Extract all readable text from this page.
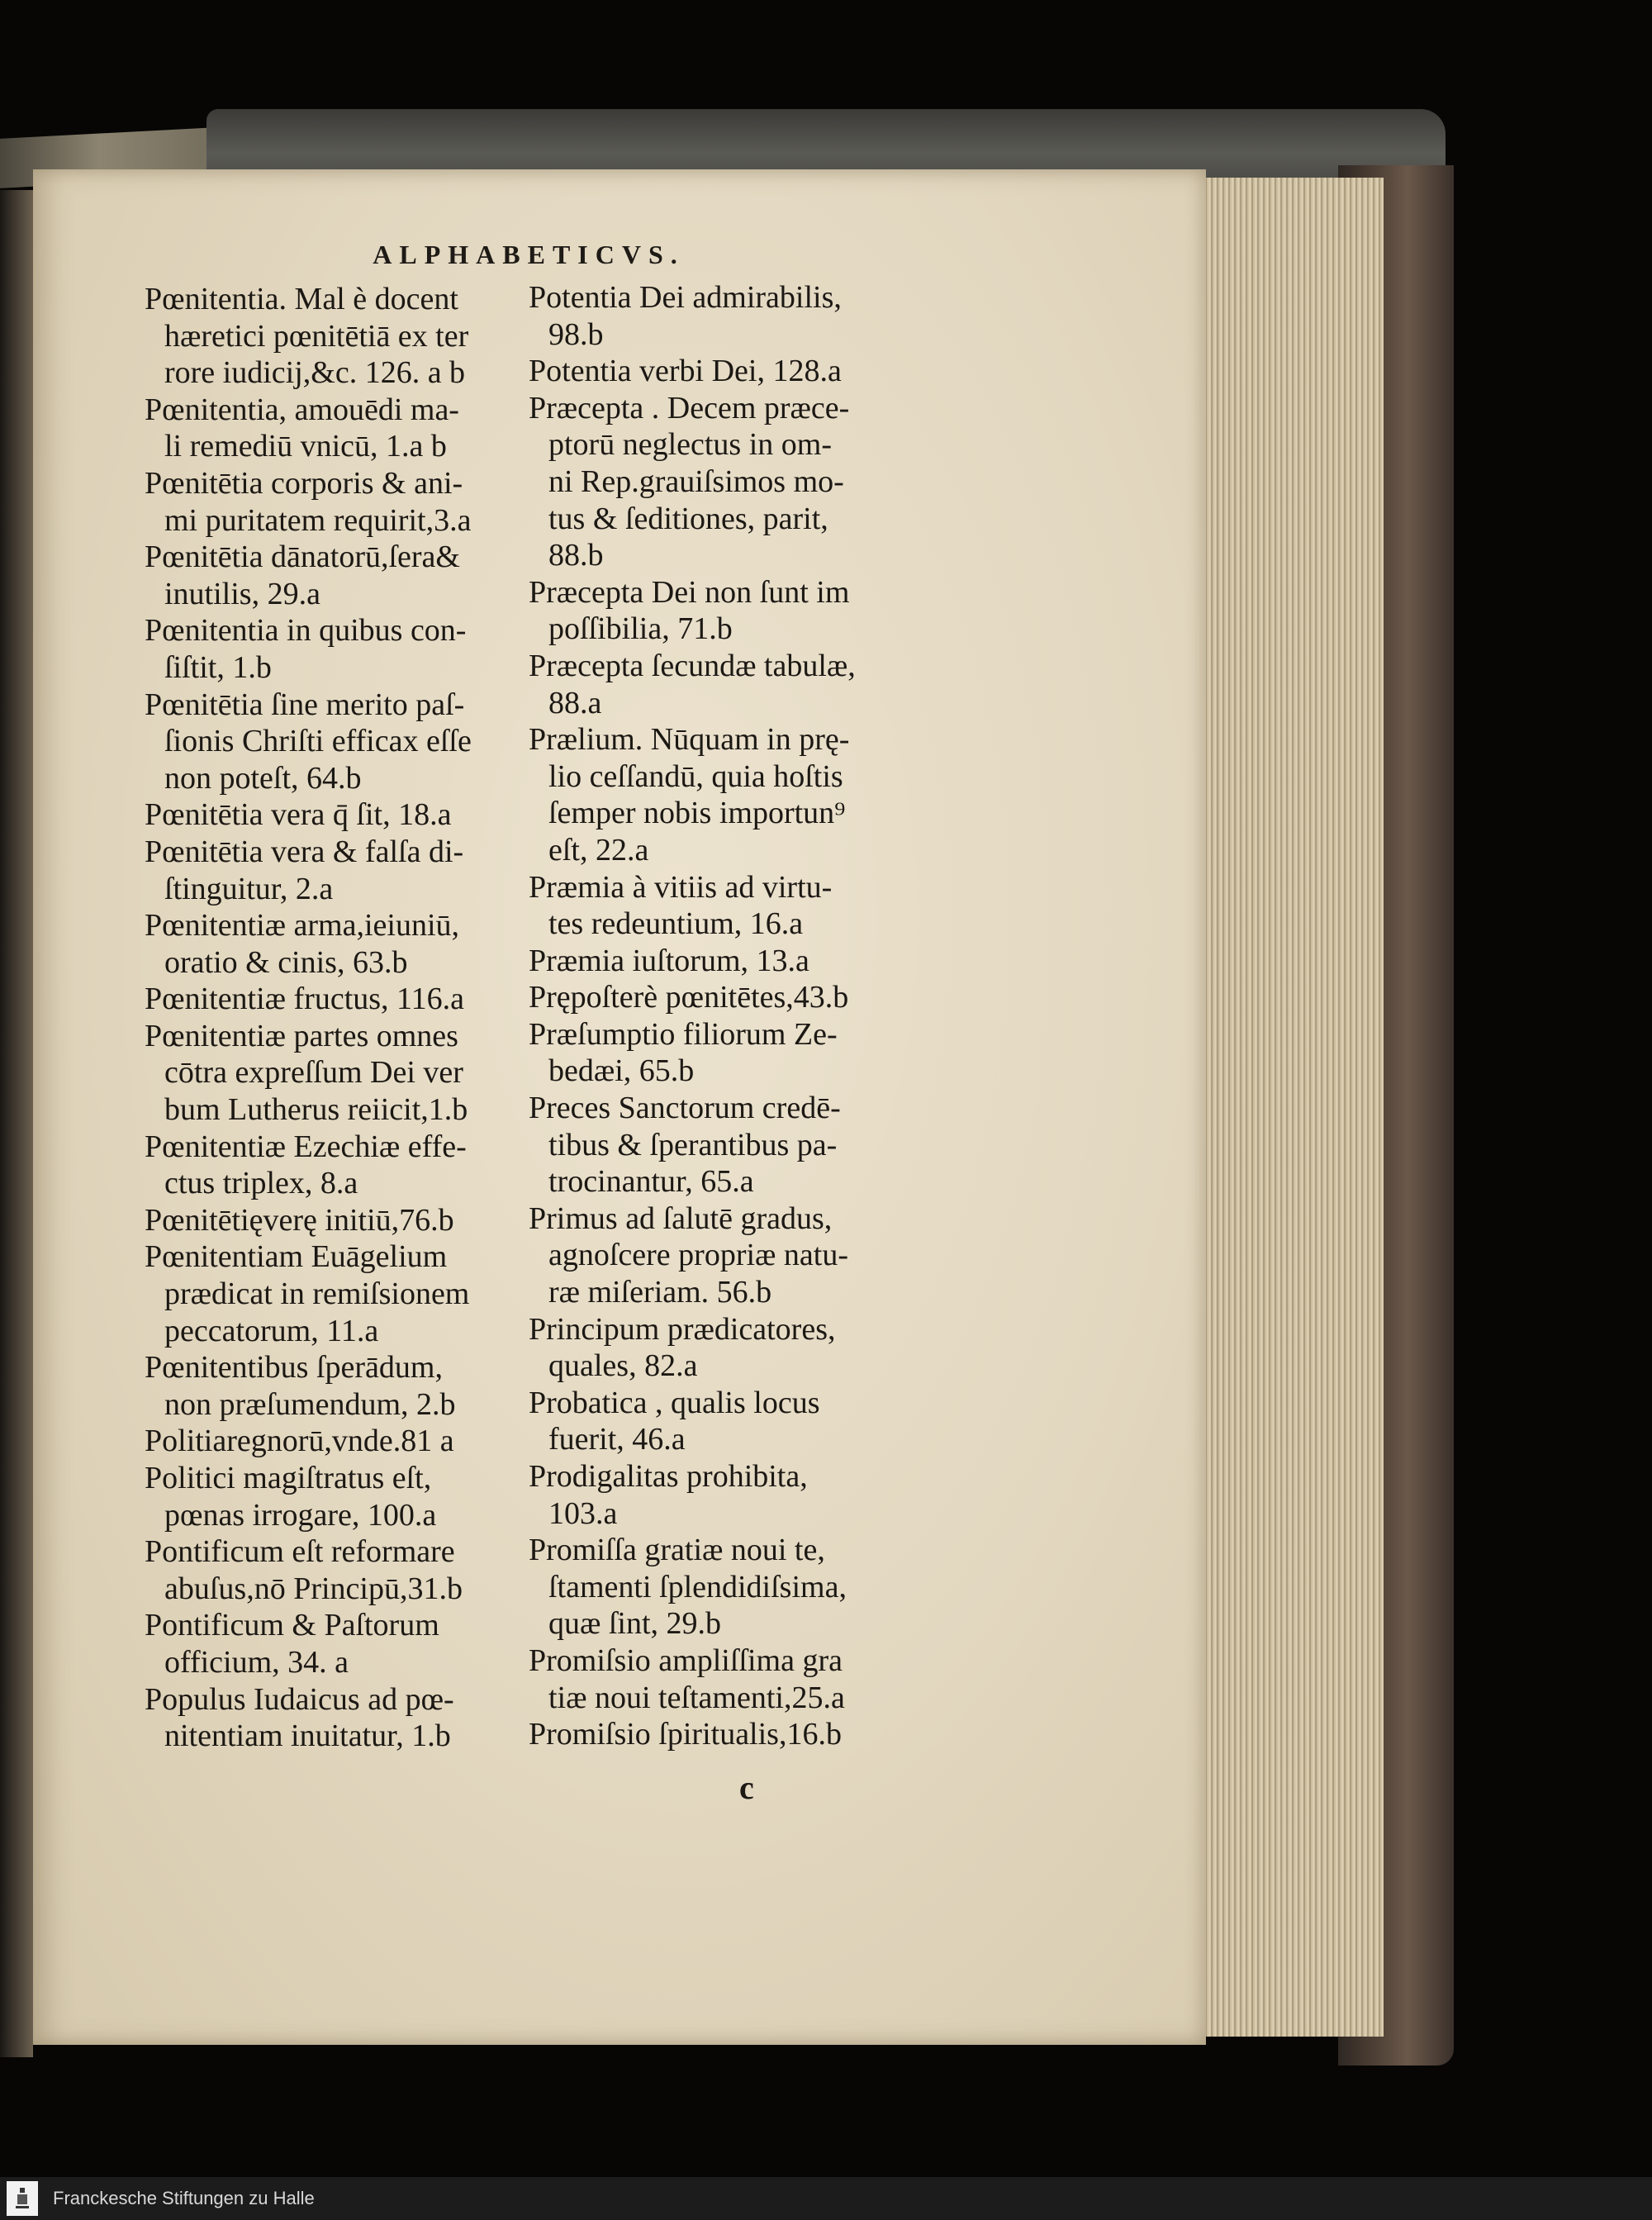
ALPHABETICVS.
Pœnitentia. Mal è docent
hæretici pœnitētiā ex ter
rore iudicij,&c. 126. a b
Pœnitentia, amouēdi ma-
li remediū vnicū, 1.a b
Pœnitētia corporis & ani-
mi puritatem requirit,3.a
Pœnitētia dānatorū,ſera&
inutilis, 29.a
Pœnitentia in quibus con-
ſiſtit, 1.b
Pœnitētia ſine merito paſ-
ſionis Chriſti efficax eſſe
non poteſt, 64.b
Pœnitētia vera q̄ ſit, 18.a
Pœnitētia vera & falſa di-
ſtinguitur, 2.a
Pœnitentiæ arma,ieiuniū,
oratio & cinis, 63.b
Pœnitentiæ fructus, 116.a
Pœnitentiæ partes omnes
cōtra expreſſum Dei ver
bum Lutherus reiicit,1.b
Pœnitentiæ Ezechiæ effe-
ctus triplex, 8.a
Pœnitētięverę initiū,76.b
Pœnitentiam Euāgelium
prædicat in remiſsionem
peccatorum, 11.a
Pœnitentibus ſperādum,
non præſumendum, 2.b
Politiaregnorū,vnde.81 a
Politici magiſtratus eſt,
pœnas irrogare, 100.a
Pontificum eſt reformare
abuſus,nō Principū,31.b
Pontificum & Paſtorum
officium, 34. a
Populus Iudaicus ad pœ-
nitentiam inuitatur, 1.b
Potentia Dei admirabilis,
98.b
Potentia verbi Dei, 128.a
Præcepta . Decem præce-
ptorū neglectus in om-
ni Rep.grauiſsimos mo-
tus & ſeditiones, parit,
88.b
Præcepta Dei non ſunt im
poſſibilia, 71.b
Præcepta ſecundæ tabulæ,
88.a
Prælium. Nūquam in prę-
lio ceſſandū, quia hoſtis
ſemper nobis importun⁹
eſt, 22.a
Præmia à vitiis ad virtu-
tes redeuntium, 16.a
Præmia iuſtorum, 13.a
Prępoſterè pœnitētes,43.b
Præſumptio filiorum Ze-
bedæi, 65.b
Preces Sanctorum credē-
tibus & ſperantibus pa-
trocinantur, 65.a
Primus ad ſalutē gradus,
agnoſcere propriæ natu-
ræ miſeriam. 56.b
Principum prædicatores,
quales, 82.a
Probatica , qualis locus
fuerit, 46.a
Prodigalitas prohibita,
103.a
Promiſſa gratiæ noui te,
ſtamenti ſplendidiſsima,
quæ ſint, 29.b
Promiſsio ampliſſima gra
tiæ noui teſtamenti,25.a
Promiſsio ſpiritualis,16.b
c
Franckesche Stiftungen zu Halle
